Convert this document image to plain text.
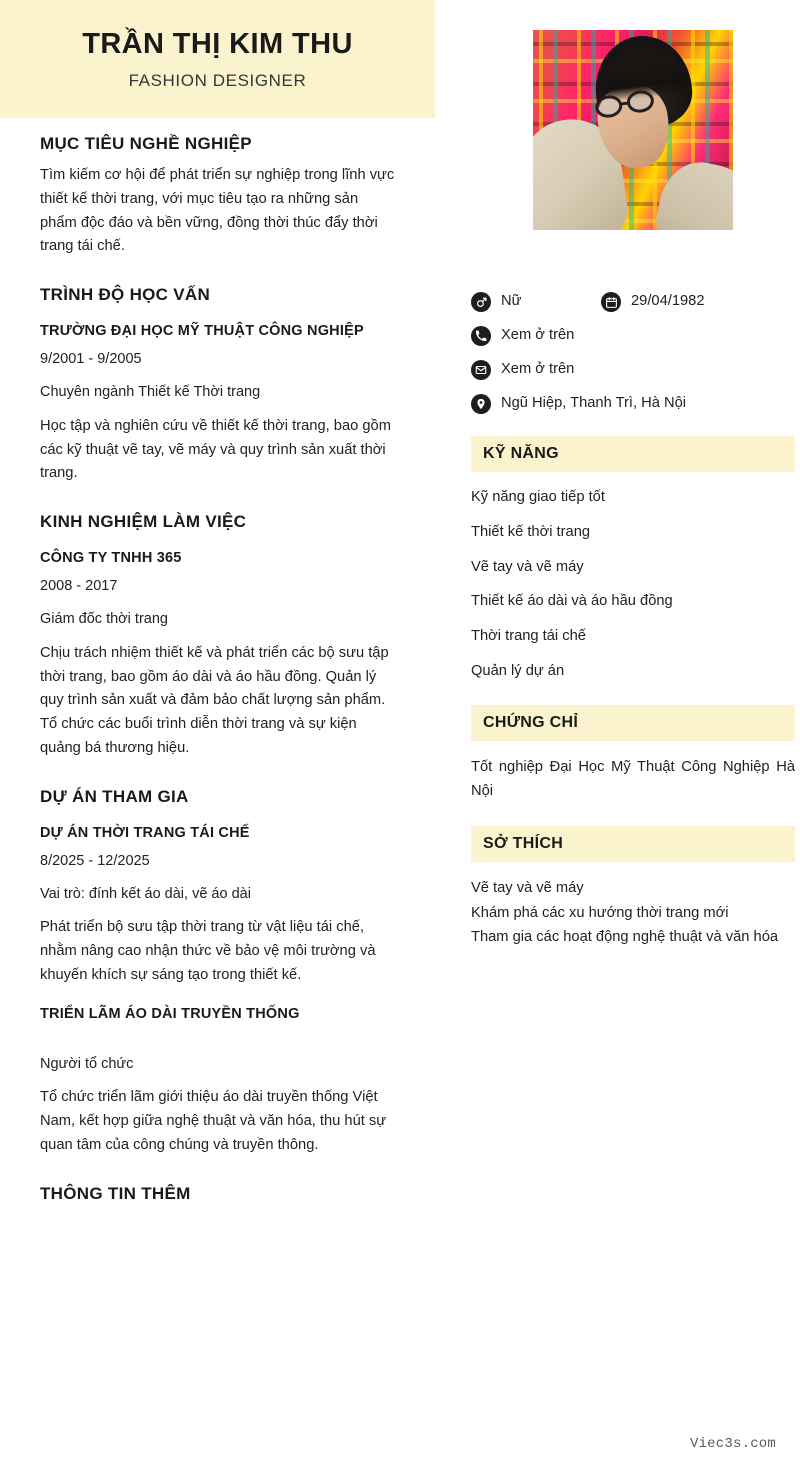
TRẦN THỊ KIM THU
FASHION DESIGNER
MỤC TIÊU NGHỀ NGHIỆP
Tìm kiếm cơ hội để phát triển sự nghiệp trong lĩnh vực thiết kế thời trang, với mục tiêu tạo ra những sản phẩm độc đáo và bền vững, đồng thời thúc đẩy thời trang tái chế.
TRÌNH ĐỘ HỌC VẤN
TRƯỜNG ĐẠI HỌC MỸ THUẬT CÔNG NGHIỆP
9/2001 - 9/2005
Chuyên ngành Thiết kế Thời trang
Học tập và nghiên cứu về thiết kế thời trang, bao gồm các kỹ thuật vẽ tay, vẽ máy và quy trình sản xuất thời trang.
KINH NGHIỆM LÀM VIỆC
CÔNG TY TNHH 365
2008 - 2017
Giám đốc thời trang
Chịu trách nhiệm thiết kế và phát triển các bộ sưu tập thời trang, bao gồm áo dài và áo hầu đồng. Quản lý quy trình sản xuất và đảm bảo chất lượng sản phẩm. Tổ chức các buổi trình diễn thời trang và sự kiện quảng bá thương hiệu.
DỰ ÁN THAM GIA
DỰ ÁN THỜI TRANG TÁI CHẾ
8/2025 - 12/2025
Vai trò: đính kết áo dài, vẽ áo dài
Phát triển bộ sưu tập thời trang từ vật liệu tái chế, nhằm nâng cao nhận thức về bảo vệ môi trường và khuyến khích sự sáng tạo trong thiết kế.
TRIỂN LÃM ÁO DÀI TRUYỀN THỐNG
Người tổ chức
Tổ chức triển lãm giới thiệu áo dài truyền thống Việt Nam, kết hợp giữa nghệ thuật và văn hóa, thu hút sự quan tâm của công chúng và truyền thông.
THÔNG TIN THÊM
Nữ	29/04/1982
Xem ở trên
Xem ở trên
Ngũ Hiệp, Thanh Trì, Hà Nội
KỸ NĂNG
Kỹ năng giao tiếp tốt
Thiết kế thời trang
Vẽ tay và vẽ máy
Thiết kế áo dài và áo hầu đồng
Thời trang tái chế
Quản lý dự án
CHỨNG CHỈ
Tốt nghiệp Đại Học Mỹ Thuật Công Nghiệp Hà Nội
SỞ THÍCH
Vẽ tay và vẽ máy
Khám phá các xu hướng thời trang mới
Tham gia các hoạt động nghệ thuật và văn hóa
Viec3s.com
